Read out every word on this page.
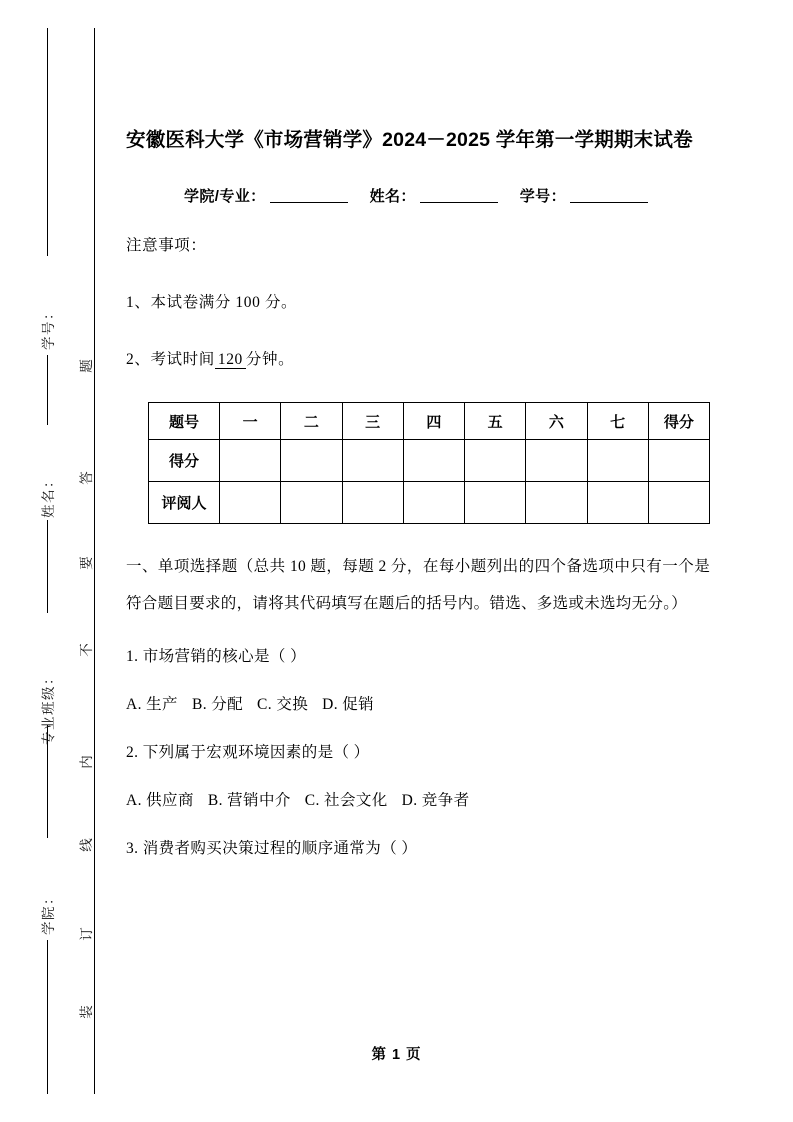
学号：
姓名：
专业班级：
学院：
题
答
要
不
内
线
订
装
安徽医科大学《市场营销学》2024－2025 学年第一学期期末试卷
学院/专业：	姓名：	学号：

注意事项：

1、本试卷满分 100 分。

2、考试时间 120 分钟。

题号	一	二	三	四	五	六	七	得分
得分								
评阅人								

一、单项选择题（总共 10 题，每题 2 分，在每小题列出的四个备选项中只有一个是符合题目要求的，请将其代码填写在题后的括号内。错选、多选或未选均无分。）

1. 市场营销的核心是（ ）

A. 生产 B. 分配 C. 交换 D. 促销

2. 下列属于宏观环境因素的是（ ）

A. 供应商 B. 营销中介 C. 社会文化 D. 竞争者

3. 消费者购买决策过程的顺序通常为（ ）

第 1 页
